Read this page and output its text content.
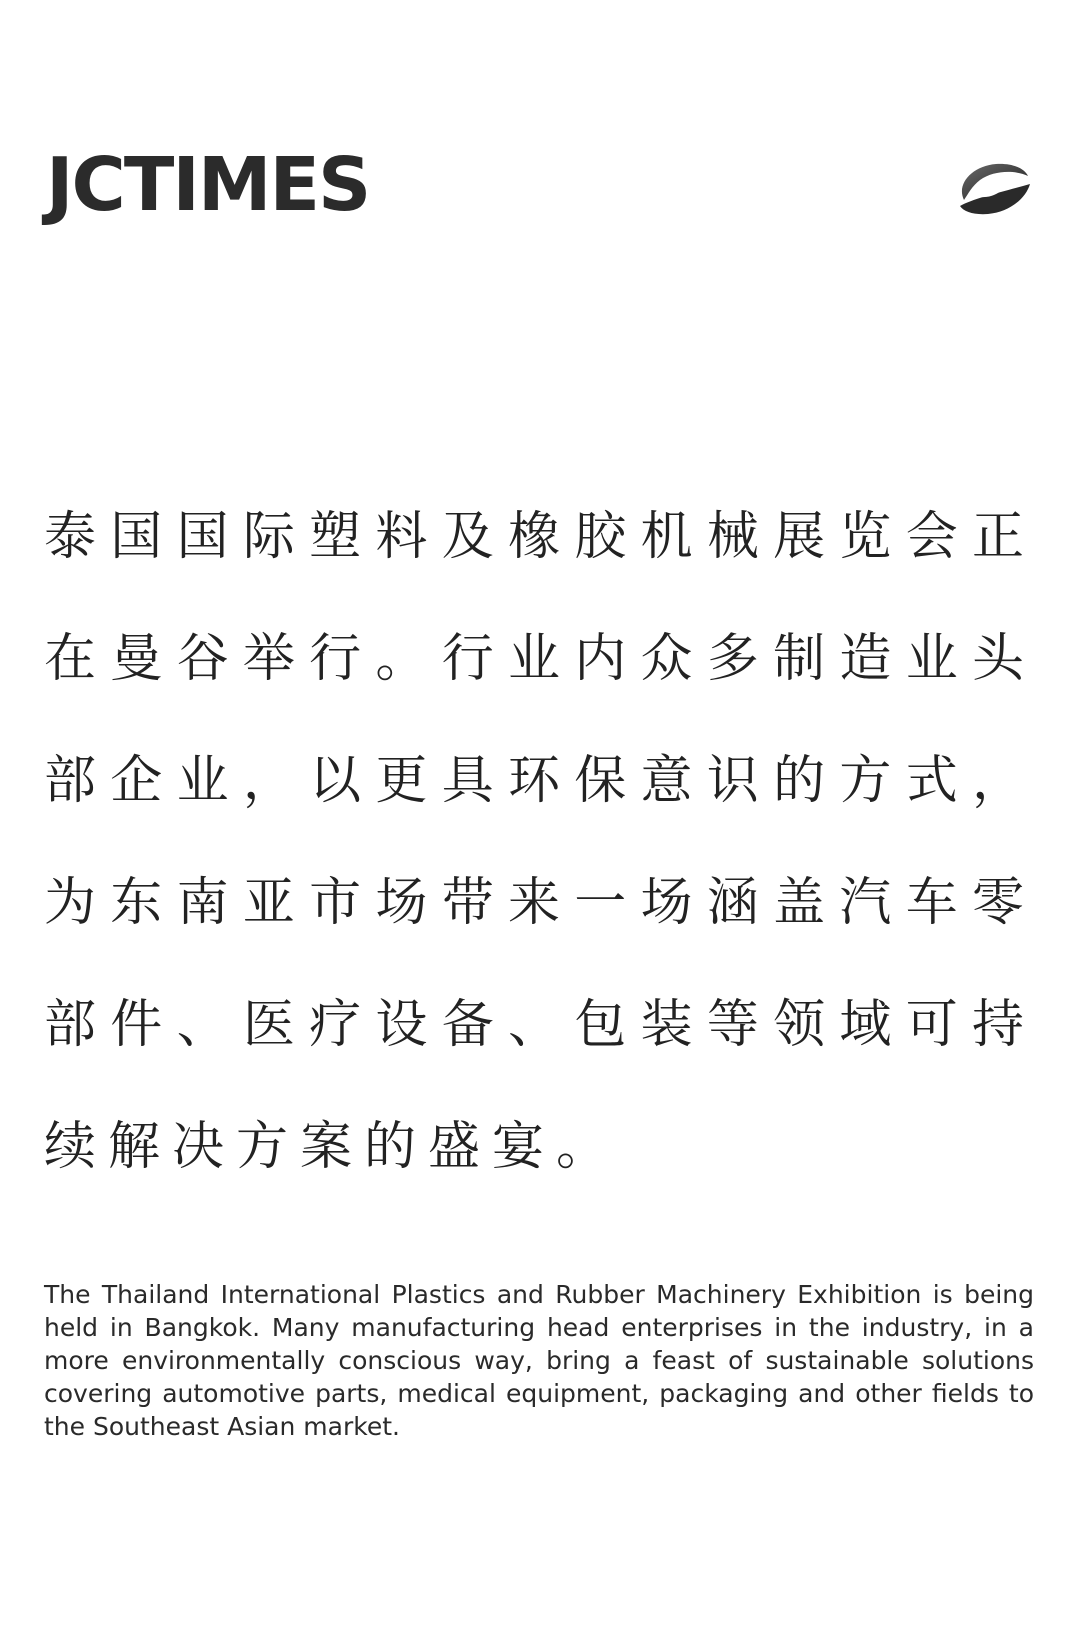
JCTIMES

泰国国际塑料及橡胶机械展览会正在曼谷举行。行业内众多制造业头部企业，以更具环保意识的方式，为东南亚市场带来一场涵盖汽车零部件、医疗设备、包装等领域可持续解决方案的盛宴。

The Thailand International Plastics and Rubber Machinery Exhibition is being held in Bangkok. Many manufacturing head enterprises in the industry, in a more environmentally conscious way, bring a feast of sustainable solutions covering automotive parts, medical equipment, packaging and other fields to the Southeast Asian market.
